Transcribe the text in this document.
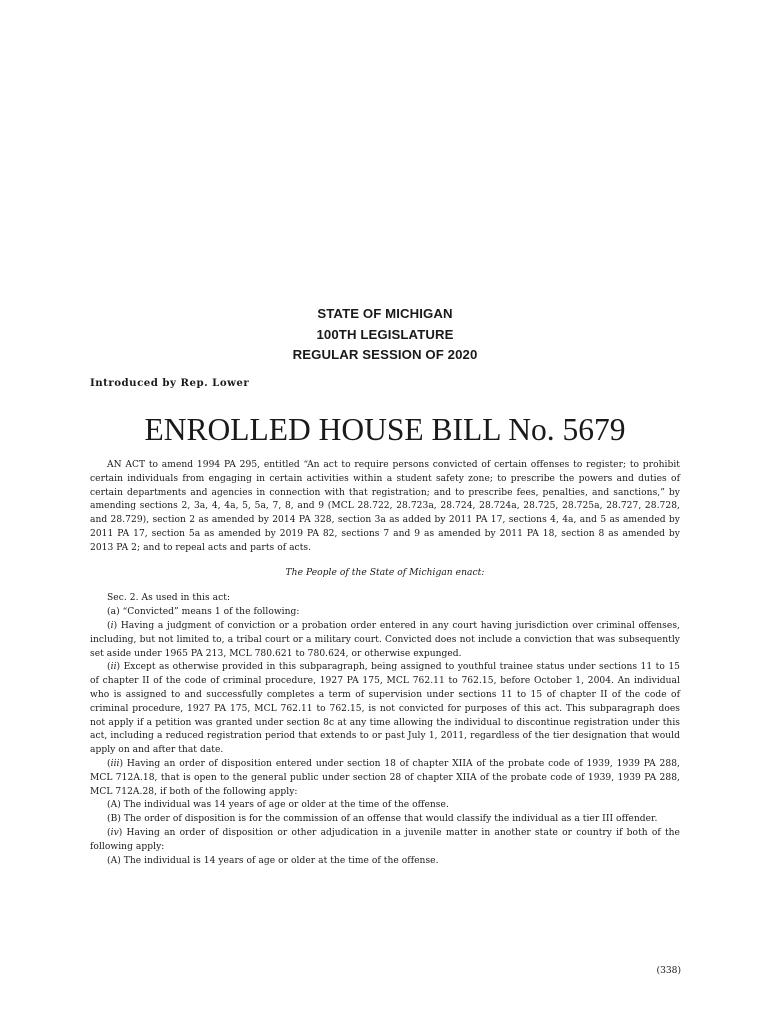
STATE OF MICHIGAN
100TH LEGISLATURE
REGULAR SESSION OF 2020
Introduced by Rep. Lower
ENROLLED HOUSE BILL No. 5679

AN ACT to amend 1994 PA 295, entitled “An act to require persons convicted of certain offenses to register; to prohibit certain individuals from engaging in certain activities within a student safety zone; to prescribe the powers and duties of certain departments and agencies in connection with that registration; and to prescribe fees, penalties, and sanctions,” by amending sections 2, 3a, 4, 4a, 5, 5a, 7, 8, and 9 (MCL 28.722, 28.723a, 28.724, 28.724a, 28.725, 28.725a, 28.727, 28.728, and 28.729), section 2 as amended by 2014 PA 328, section 3a as added by 2011 PA 17, sections 4, 4a, and 5 as amended by 2011 PA 17, section 5a as amended by 2019 PA 82, sections 7 and 9 as amended by 2011 PA 18, section 8 as amended by 2013 PA 2; and to repeal acts and parts of acts.

The People of the State of Michigan enact:

Sec. 2. As used in this act:

(a) “Convicted” means 1 of the following:

(i) Having a judgment of conviction or a probation order entered in any court having jurisdiction over criminal offenses, including, but not limited to, a tribal court or a military court. Convicted does not include a conviction that was subsequently set aside under 1965 PA 213, MCL 780.621 to 780.624, or otherwise expunged.

(ii) Except as otherwise provided in this subparagraph, being assigned to youthful trainee status under sections 11 to 15 of chapter II of the code of criminal procedure, 1927 PA 175, MCL 762.11 to 762.15, before October 1, 2004. An individual who is assigned to and successfully completes a term of supervision under sections 11 to 15 of chapter II of the code of criminal procedure, 1927 PA 175, MCL 762.11 to 762.15, is not convicted for purposes of this act. This subparagraph does not apply if a petition was granted under section 8c at any time allowing the individual to discontinue registration under this act, including a reduced registration period that extends to or past July 1, 2011, regardless of the tier designation that would apply on and after that date.

(iii) Having an order of disposition entered under section 18 of chapter XIIA of the probate code of 1939, 1939 PA 288, MCL 712A.18, that is open to the general public under section 28 of chapter XIIA of the probate code of 1939, 1939 PA 288, MCL 712A.28, if both of the following apply:

(A) The individual was 14 years of age or older at the time of the offense.

(B) The order of disposition is for the commission of an offense that would classify the individual as a tier III offender.

(iv) Having an order of disposition or other adjudication in a juvenile matter in another state or country if both of the following apply:

(A) The individual is 14 years of age or older at the time of the offense.

(338)
